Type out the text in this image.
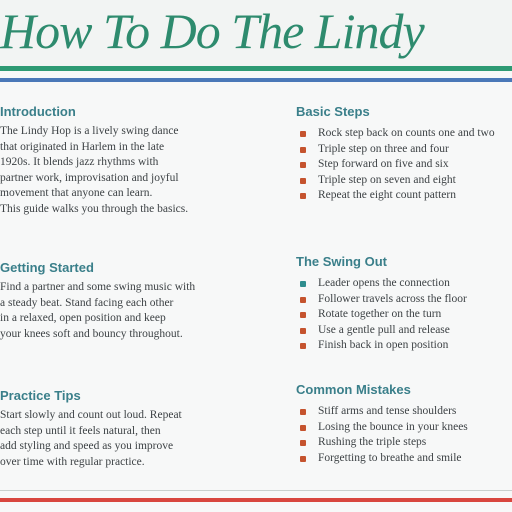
How To Do The Lindy
Introduction
The Lindy Hop is a lively swing dance
that originated in Harlem in the late
1920s. It blends jazz rhythms with
partner work, improvisation and joyful
movement that anyone can learn.
This guide walks you through the basics.
Getting Started
Find a partner and some swing music with
a steady beat. Stand facing each other
in a relaxed, open position and keep
your knees soft and bouncy throughout.
Practice Tips
Start slowly and count out loud. Repeat
each step until it feels natural, then
add styling and speed as you improve
over time with regular practice.
Basic Steps
Rock step back on counts one and two
Triple step on three and four
Step forward on five and six
Triple step on seven and eight
Repeat the eight count pattern
The Swing Out
Leader opens the connection
Follower travels across the floor
Rotate together on the turn
Use a gentle pull and release
Finish back in open position
Common Mistakes
Stiff arms and tense shoulders
Losing the bounce in your knees
Rushing the triple steps
Forgetting to breathe and smile
